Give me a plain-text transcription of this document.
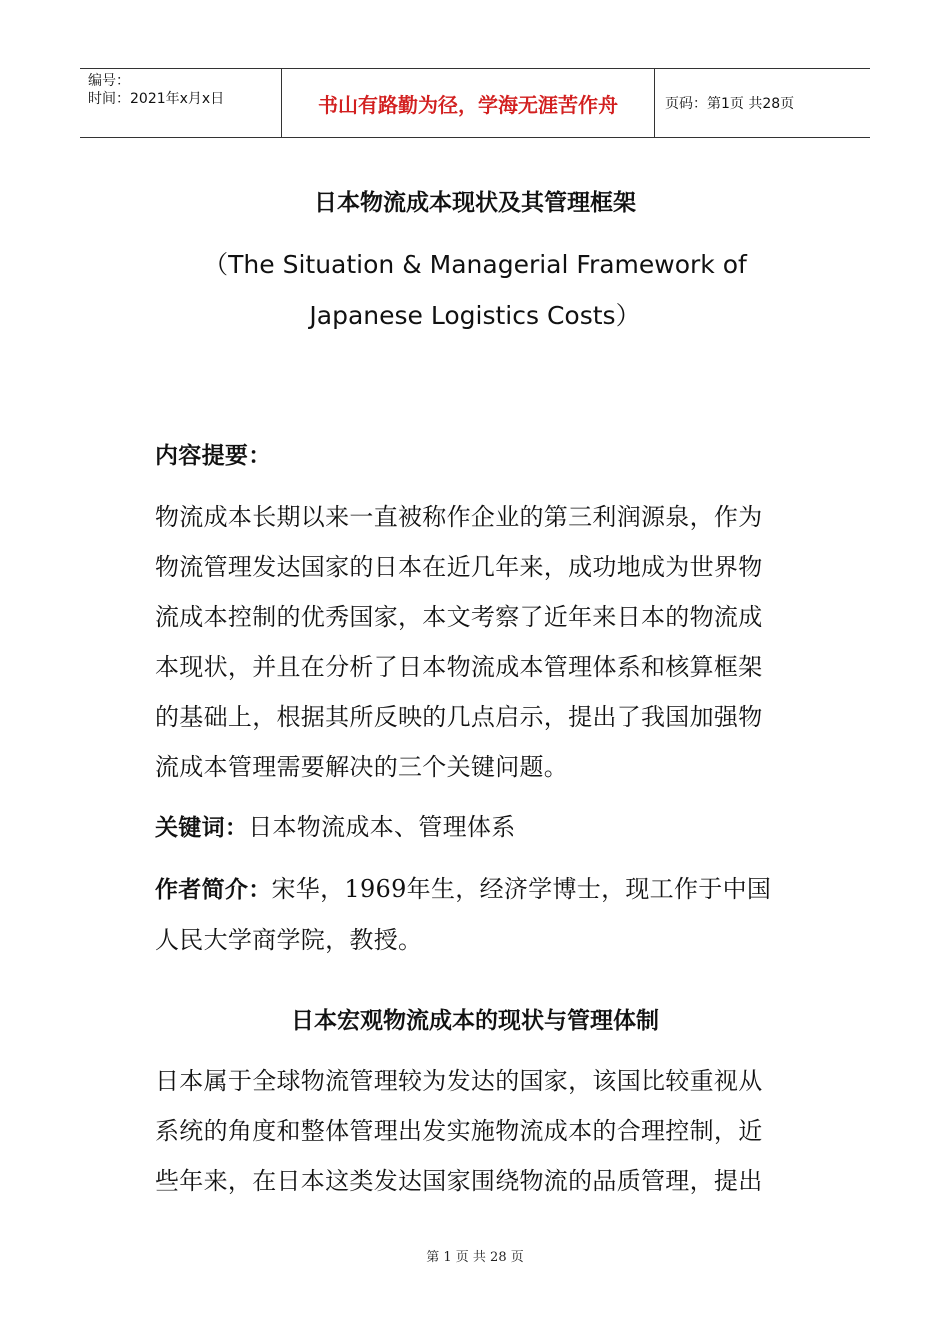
编号：
时间：2021年x月x日	书山有路勤为径，学海无涯苦作舟	页码：第1页 共28页
日本物流成本现状及其管理框架
（The Situation & Managerial Framework of
Japanese Logistics Costs）
内容提要：
物流成本长期以来一直被称作企业的第三利润源泉，作为
物流管理发达国家的日本在近几年来，成功地成为世界物
流成本控制的优秀国家，本文考察了近年来日本的物流成
本现状，并且在分析了日本物流成本管理体系和核算框架
的基础上，根据其所反映的几点启示，提出了我国加强物
流成本管理需要解决的三个关键问题。
关键词：日本物流成本、管理体系
作者简介：宋华，1969年生，经济学博士，现工作于中国
人民大学商学院，教授。
日本宏观物流成本的现状与管理体制
日本属于全球物流管理较为发达的国家，该国比较重视从
系统的角度和整体管理出发实施物流成本的合理控制，近
些年来，在日本这类发达国家围绕物流的品质管理，提出
第 1 页 共 28 页
